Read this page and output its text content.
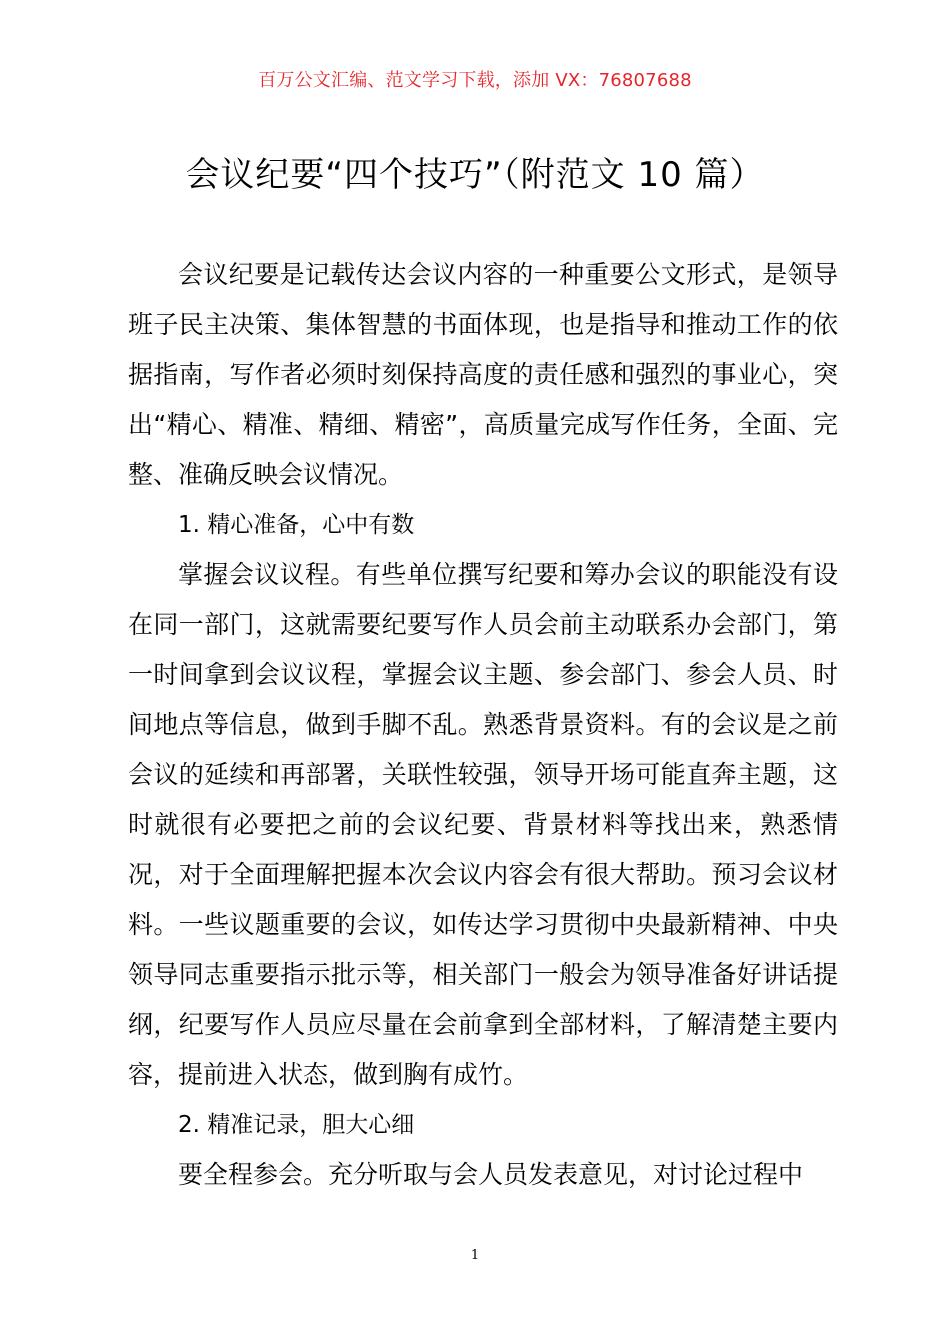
百万公文汇编、范文学习下载，添加 VX：76807688
会议纪要“四个技巧”（附范文 10 篇）

会议纪要是记载传达会议内容的一种重要公文形式，是领导班子民主决策、集体智慧的书面体现，也是指导和推动工作的依据指南，写作者必须时刻保持高度的责任感和强烈的事业心，突出“精心、精准、精细、精密”，高质量完成写作任务，全面、完整、准确反映会议情况。

1. 精心准备，心中有数

掌握会议议程。有些单位撰写纪要和筹办会议的职能没有设在同一部门，这就需要纪要写作人员会前主动联系办会部门，第一时间拿到会议议程，掌握会议主题、参会部门、参会人员、时间地点等信息，做到手脚不乱。熟悉背景资料。有的会议是之前会议的延续和再部署，关联性较强，领导开场可能直奔主题，这时就很有必要把之前的会议纪要、背景材料等找出来，熟悉情况，对于全面理解把握本次会议内容会有很大帮助。预习会议材料。一些议题重要的会议，如传达学习贯彻中央最新精神、中央领导同志重要指示批示等，相关部门一般会为领导准备好讲话提纲，纪要写作人员应尽量在会前拿到全部材料，了解清楚主要内容，提前进入状态，做到胸有成竹。

2. 精准记录，胆大心细

要全程参会。充分听取与会人员发表意见，对讨论过程中

1
